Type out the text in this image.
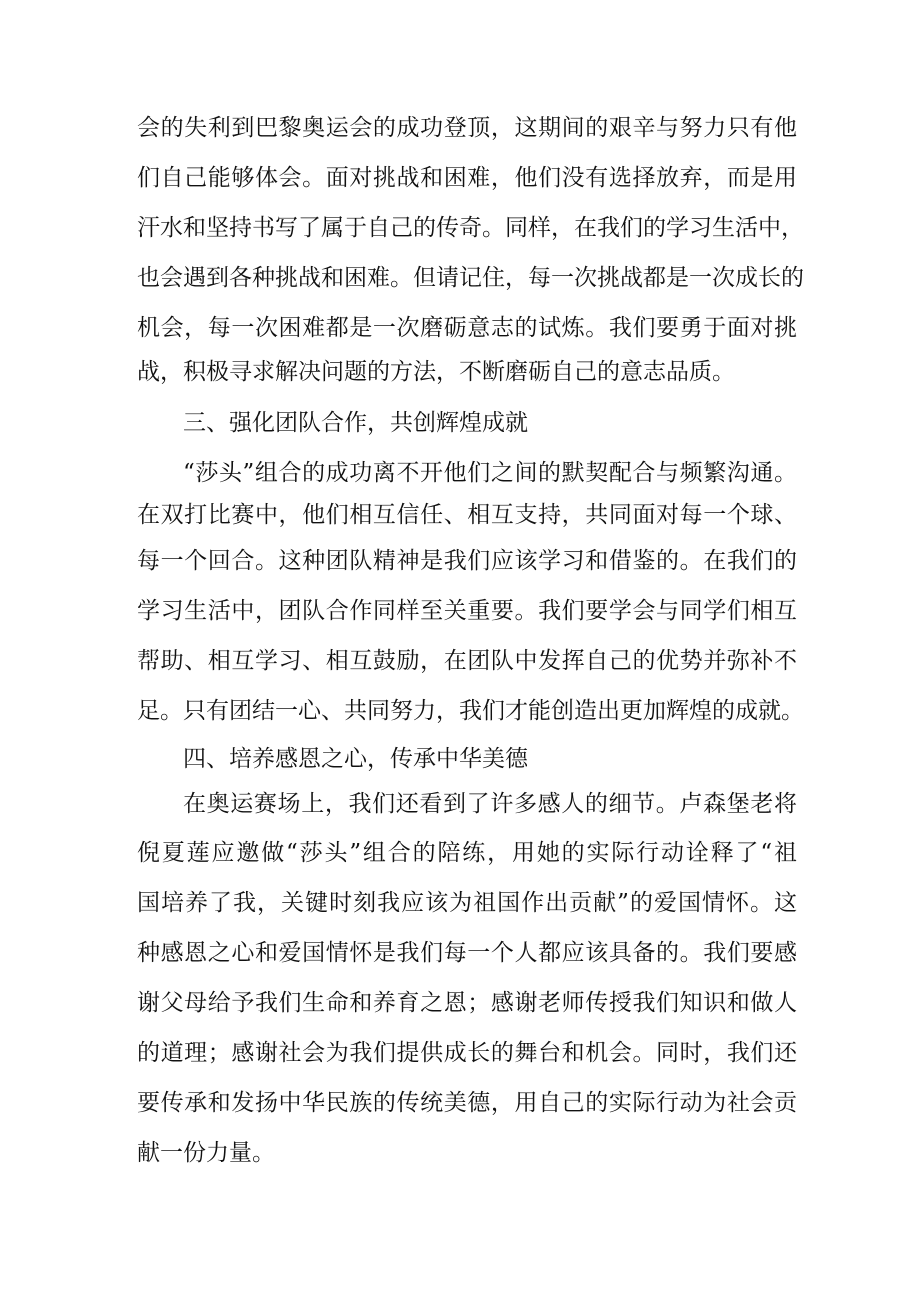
会的失利到巴黎奥运会的成功登顶，这期间的艰辛与努力只有他
们自己能够体会。面对挑战和困难，他们没有选择放弃，而是用
汗水和坚持书写了属于自己的传奇。同样，在我们的学习生活中，
也会遇到各种挑战和困难。但请记住，每一次挑战都是一次成长的
机会，每一次困难都是一次磨砺意志的试炼。我们要勇于面对挑
战，积极寻求解决问题的方法，不断磨砺自己的意志品质。
三、强化团队合作，共创辉煌成就
“莎头”组合的成功离不开他们之间的默契配合与频繁沟通。
在双打比赛中，他们相互信任、相互支持，共同面对每一个球、
每一个回合。这种团队精神是我们应该学习和借鉴的。在我们的
学习生活中，团队合作同样至关重要。我们要学会与同学们相互
帮助、相互学习、相互鼓励，在团队中发挥自己的优势并弥补不
足。只有团结一心、共同努力，我们才能创造出更加辉煌的成就。
四、培养感恩之心，传承中华美德
在奥运赛场上，我们还看到了许多感人的细节。卢森堡老将
倪夏莲应邀做“莎头”组合的陪练，用她的实际行动诠释了“祖
国培养了我，关键时刻我应该为祖国作出贡献”的爱国情怀。这
种感恩之心和爱国情怀是我们每一个人都应该具备的。我们要感
谢父母给予我们生命和养育之恩；感谢老师传授我们知识和做人
的道理；感谢社会为我们提供成长的舞台和机会。同时，我们还
要传承和发扬中华民族的传统美德，用自己的实际行动为社会贡
献一份力量。
